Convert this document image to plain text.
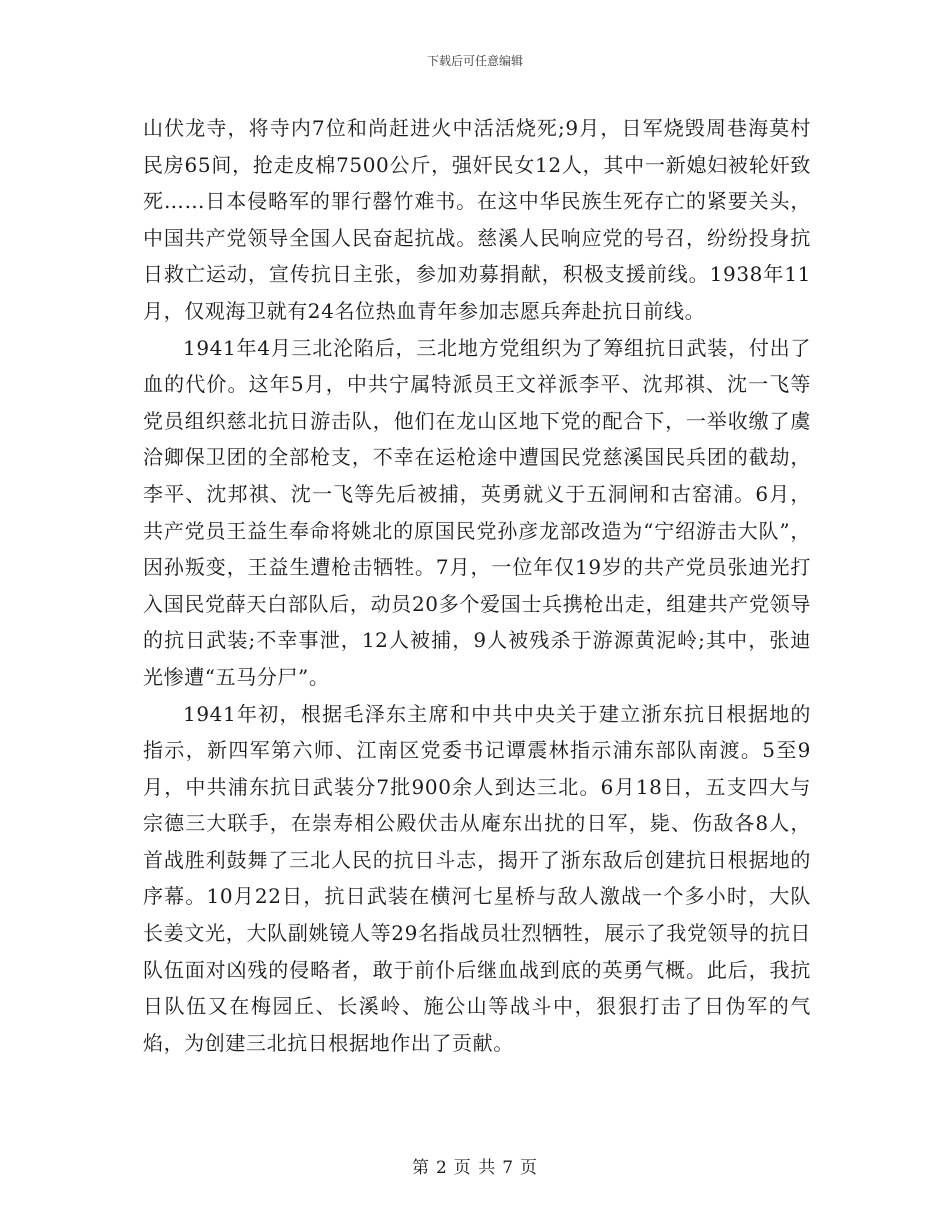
下载后可任意编辑

山伏龙寺，将寺内7位和尚赶进火中活活烧死;9月，日军烧毁周巷海莫村民房65间，抢走皮棉7500公斤，强奸民女12人，其中一新媳妇被轮奸致死……日本侵略军的罪行罄竹难书。在这中华民族生死存亡的紧要关头，中国共产党领导全国人民奋起抗战。慈溪人民响应党的号召，纷纷投身抗日救亡运动，宣传抗日主张，参加劝募捐献，积极支援前线。1938年11月，仅观海卫就有24名位热血青年参加志愿兵奔赴抗日前线。

1941年4月三北沦陷后，三北地方党组织为了筹组抗日武装，付出了血的代价。这年5月，中共宁属特派员王文祥派李平、沈邦祺、沈一飞等党员组织慈北抗日游击队，他们在龙山区地下党的配合下，一举收缴了虞洽卿保卫团的全部枪支，不幸在运枪途中遭国民党慈溪国民兵团的截劫，李平、沈邦祺、沈一飞等先后被捕，英勇就义于五洞闸和古窑浦。6月，共产党员王益生奉命将姚北的原国民党孙彦龙部改造为“宁绍游击大队”，因孙叛变，王益生遭枪击牺牲。7月，一位年仅19岁的共产党员张迪光打入国民党薛天白部队后，动员20多个爱国士兵携枪出走，组建共产党领导的抗日武装;不幸事泄，12人被捕，9人被残杀于游源黄泥岭;其中，张迪光惨遭“五马分尸”。

1941年初，根据毛泽东主席和中共中央关于建立浙东抗日根据地的指示，新四军第六师、江南区党委书记谭震林指示浦东部队南渡。5至9月，中共浦东抗日武装分7批900余人到达三北。6月18日，五支四大与宗德三大联手，在崇寿相公殿伏击从庵东出扰的日军，毙、伤敌各8人，首战胜利鼓舞了三北人民的抗日斗志，揭开了浙东敌后创建抗日根据地的序幕。10月22日，抗日武装在横河七星桥与敌人激战一个多小时，大队长姜文光，大队副姚镜人等29名指战员壮烈牺牲，展示了我党领导的抗日队伍面对凶残的侵略者，敢于前仆后继血战到底的英勇气概。此后，我抗日队伍又在梅园丘、长溪岭、施公山等战斗中，狠狠打击了日伪军的气焰，为创建三北抗日根据地作出了贡献。

第 2 页 共 7 页
